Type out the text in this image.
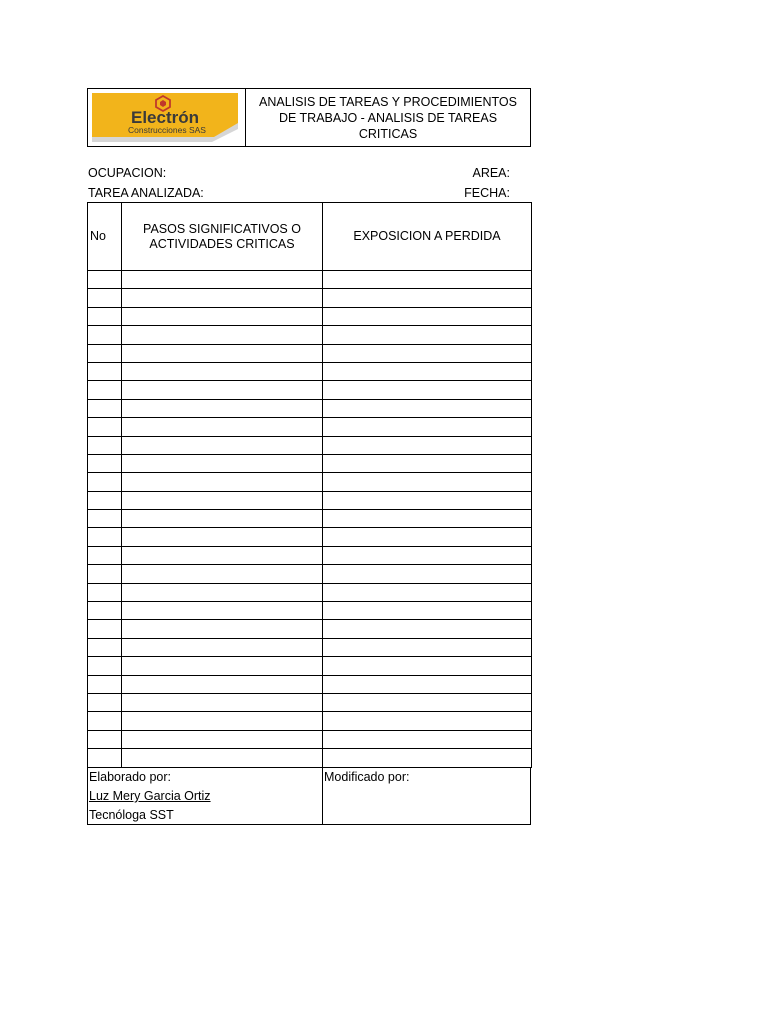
Electrón
Construcciones SAS
ANALISIS DE TAREAS Y PROCEDIMIENTOS DE TRABAJO - ANALISIS DE TAREAS CRITICAS
OCUPACION:	AREA:
TAREA ANALIZADA:	FECHA:
No	PASOS SIGNIFICATIVOS O ACTIVIDADES CRITICAS	EXPOSICION A PERDIDA

Elaborado por:
Luz Mery Garcia Ortiz
Tecnóloga SST
Modificado por:
